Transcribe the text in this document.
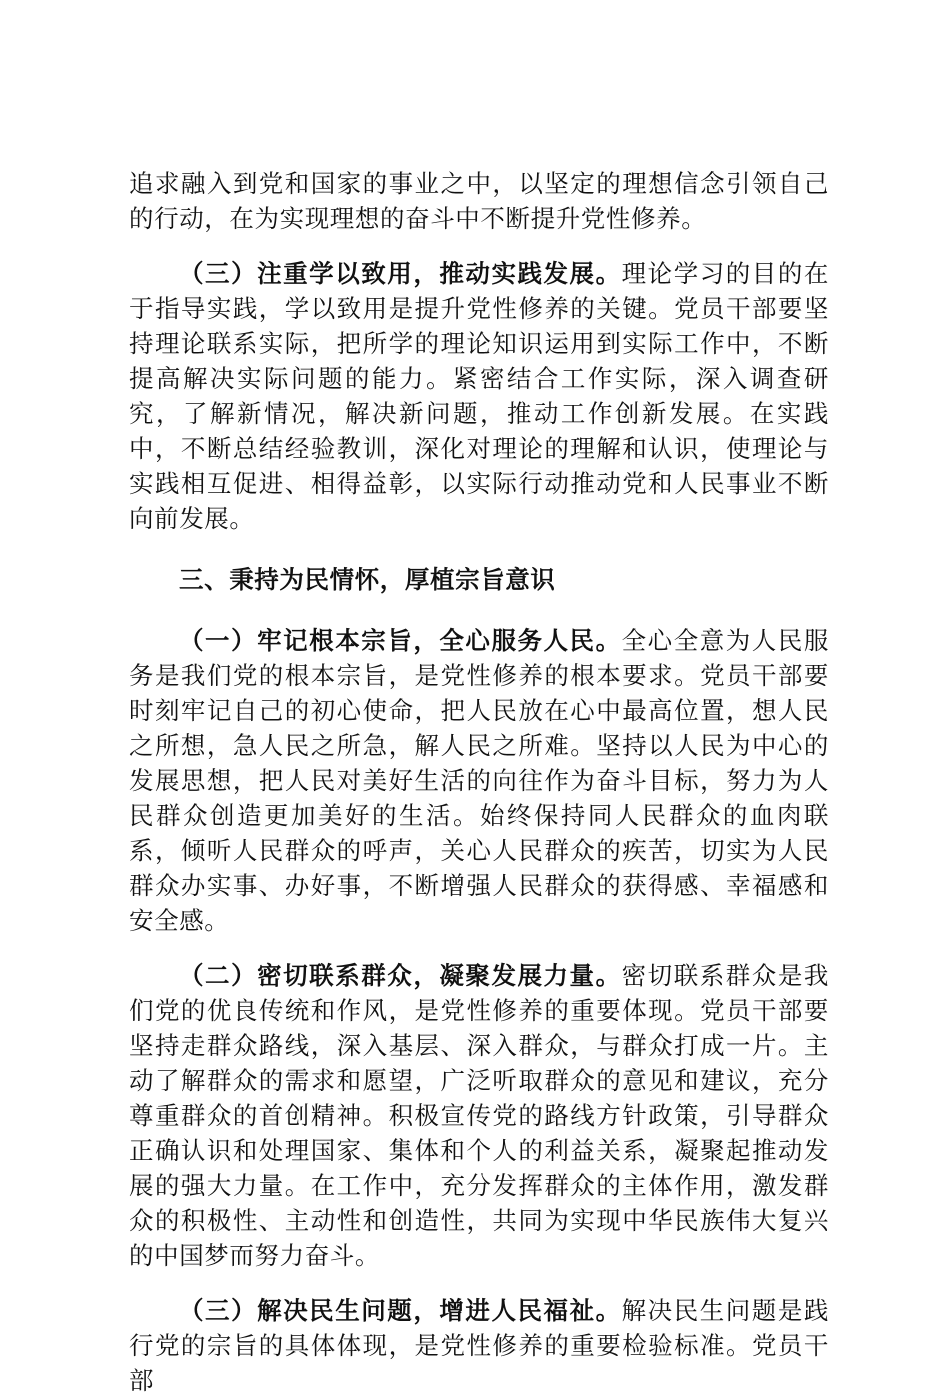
追求融入到党和国家的事业之中，以坚定的理想信念引领自己的行动，在为实现理想的奋斗中不断提升党性修养。

（三）注重学以致用，推动实践发展。理论学习的目的在于指导实践，学以致用是提升党性修养的关键。党员干部要坚持理论联系实际，把所学的理论知识运用到实际工作中，不断提高解决实际问题的能力。紧密结合工作实际，深入调查研究，了解新情况，解决新问题，推动工作创新发展。在实践中，不断总结经验教训，深化对理论的理解和认识，使理论与实践相互促进、相得益彰，以实际行动推动党和人民事业不断向前发展。

三、秉持为民情怀，厚植宗旨意识

（一）牢记根本宗旨，全心服务人民。全心全意为人民服务是我们党的根本宗旨，是党性修养的根本要求。党员干部要时刻牢记自己的初心使命，把人民放在心中最高位置，想人民之所想，急人民之所急，解人民之所难。坚持以人民为中心的发展思想，把人民对美好生活的向往作为奋斗目标，努力为人民群众创造更加美好的生活。始终保持同人民群众的血肉联系，倾听人民群众的呼声，关心人民群众的疾苦，切实为人民群众办实事、办好事，不断增强人民群众的获得感、幸福感和安全感。

（二）密切联系群众，凝聚发展力量。密切联系群众是我们党的优良传统和作风，是党性修养的重要体现。党员干部要坚持走群众路线，深入基层、深入群众，与群众打成一片。主动了解群众的需求和愿望，广泛听取群众的意见和建议，充分尊重群众的首创精神。积极宣传党的路线方针政策，引导群众正确认识和处理国家、集体和个人的利益关系，凝聚起推动发展的强大力量。在工作中，充分发挥群众的主体作用，激发群众的积极性、主动性和创造性，共同为实现中华民族伟大复兴的中国梦而努力奋斗。

（三）解决民生问题，增进人民福祉。解决民生问题是践行党的宗旨的具体体现，是党性修养的重要检验标准。党员干部
